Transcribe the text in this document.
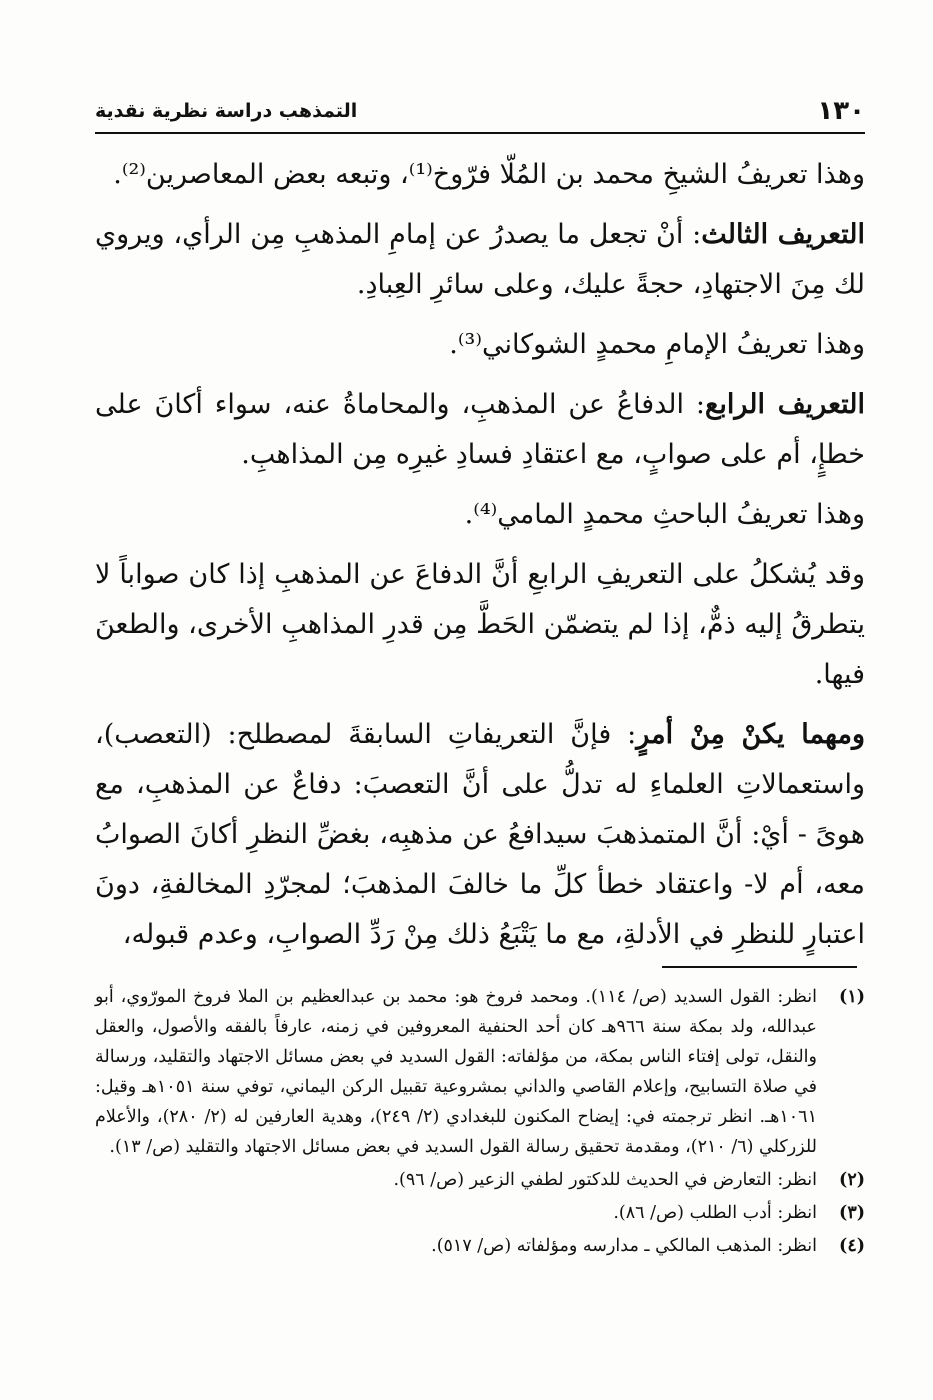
١٣٠
التمذهب دراسة نظرية نقدية

وهذا تعريفُ الشيخِ محمد بن المُلّا فرّوخ⁽¹⁾، وتبعه بعض المعاصرين⁽²⁾.

التعريف الثالث: أنْ تجعل ما يصدرُ عن إمامِ المذهبِ مِن الرأي، ويروي لك مِنَ الاجتهادِ، حجةً عليك، وعلى سائرِ العِبادِ.

وهذا تعريفُ الإمامِ محمدٍ الشوكاني⁽³⁾.

التعريف الرابع: الدفاعُ عن المذهبِ، والمحاماةُ عنه، سواء أكانَ على خطإٍ، أم على صوابٍ، مع اعتقادِ فسادِ غيرِه مِن المذاهبِ.

وهذا تعريفُ الباحثِ محمدٍ المامي⁽⁴⁾.

وقد يُشكلُ على التعريفِ الرابعِ أنَّ الدفاعَ عن المذهبِ إذا كان صواباً لا يتطرقُ إليه ذمٌّ، إذا لم يتضمّن الحَطَّ مِن قدرِ المذاهبِ الأخرى، والطعنَ فيها.

ومهما يكنْ مِنْ أمرٍ: فإنَّ التعريفاتِ السابقةَ لمصطلح: (التعصب)، واستعمالاتِ العلماءِ له تدلُّ على أنَّ التعصبَ: دفاعٌ عن المذهبِ، مع هوىً - أيْ: أنَّ المتمذهبَ سيدافعُ عن مذهبِه، بغضِّ النظرِ أكانَ الصوابُ معه، أم لا- واعتقاد خطأ كلِّ ما خالفَ المذهبَ؛ لمجرّدِ المخالفةِ، دونَ اعتبارٍ للنظرِ في الأدلةِ، مع ما يَتْبَعُ ذلك مِنْ رَدِّ الصوابِ، وعدم قبوله،

(١)
انظر: القول السديد (ص/ ١١٤). ومحمد فروخ هو: محمد بن عبدالعظيم بن الملا فروخ المورّوي، أبو عبدالله، ولد بمكة سنة ٩٦٦هـ كان أحد الحنفية المعروفين في زمنه، عارفاً بالفقه والأصول، والعقل والنقل، تولى إفتاء الناس بمكة، من مؤلفاته: القول السديد في بعض مسائل الاجتهاد والتقليد، ورسالة في صلاة التسابيح، وإعلام القاصي والداني بمشروعية تقبيل الركن اليماني، توفي سنة ١٠٥١هـ وقيل: ١٠٦١هـ. انظر ترجمته في: إيضاح المكنون للبغدادي (٢/ ٢٤٩)، وهدية العارفين له (٢/ ٢٨٠)، والأعلام للزركلي (٦/ ٢١٠)، ومقدمة تحقيق رسالة القول السديد في بعض مسائل الاجتهاد والتقليد (ص/ ١٣).
(٢)
انظر: التعارض في الحديث للدكتور لطفي الزعير (ص/ ٩٦).
(٣)
انظر: أدب الطلب (ص/ ٨٦).
(٤)
انظر: المذهب المالكي ـ مدارسه ومؤلفاته (ص/ ٥١٧).
